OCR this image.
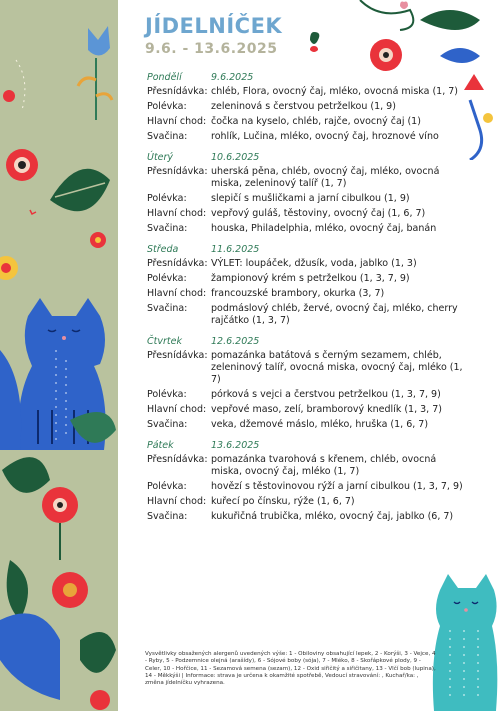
JÍDELNÍČEK
9.6. - 13.6.2025
Pondělí	9.6.2025
Přesnídávka: chléb, Flora, ovocný čaj, mléko, ovocná miska (1, 7)
Polévka:	zeleninová s čerstvou petrželkou (1, 9)
Hlavní chod: čočka na kyselo, chléb, rajče, ovocný čaj (1)
Svačina:	rohlík, Lučina, mléko, ovocný čaj, hroznové víno
Úterý	10.6.2025
Přesnídávka: uherská pěna, chléb, ovocný čaj, mléko, ovocná miska, zeleninový talíř (1, 7)
Polévka:	slepičí s mušličkami a jarní cibulkou (1, 9)
Hlavní chod: vepřový guláš, těstoviny, ovocný čaj (1, 6, 7)
Svačina:	houska, Philadelphia, mléko, ovocný čaj, banán
Středa	11.6.2025
Přesnídávka: VÝLET: loupáček, džusík, voda, jablko (1, 3)
Polévka:	žampionový krém s petrželkou (1, 3, 7, 9)
Hlavní chod: francouzské brambory, okurka (3, 7)
Svačina:	podmáslový chléb, žervé, ovocný čaj, mléko, cherry rajčátko (1, 3, 7)
Čtvrtek	12.6.2025
Přesnídávka: pomazánka batátová s černým sezamem, chléb, zeleninový talíř, ovocná miska, ovocný čaj, mléko (1, 7)
Polévka:	pórková s vejci a čerstvou petrželkou (1, 3, 7, 9)
Hlavní chod: vepřové maso, zelí, bramborový knedlík (1, 3, 7)
Svačina:	veka, džemové máslo, mléko, hruška (1, 6, 7)
Pátek	13.6.2025
Přesnídávka: pomazánka tvarohová s křenem, chléb, ovocná miska, ovocný čaj, mléko (1, 7)
Polévka:	hovězí s těstovinovou rýží a jarní cibulkou (1, 3, 7, 9)
Hlavní chod: kuřecí po čínsku, rýže (1, 6, 7)
Svačina:	kukuřičná trubička, mléko, ovocný čaj, jablko (6, 7)
Vysvětlivky obsažených alergenů uvedených výše: 1 - Obiloviny obsahující lepek, 2 - Korýši, 3 - Vejce, 4 - Ryby, 5 - Podzemnice olejná (arašídy), 6 - Sójové boby (sója), 7 - Mléko, 8 - Skořápkové plody, 9 - Celer, 10 - Hořčice, 11 - Sezamová semena (sezam), 12 - Oxid siřičitý a siřičitany, 13 - Vlčí bob (lupina), 14 - Měkkýši | Informace: strava je určena k okamžité spotřebě, Vedoucí stravování: , Kuchař/ka: , změna jídelníčku vyhrazena.
